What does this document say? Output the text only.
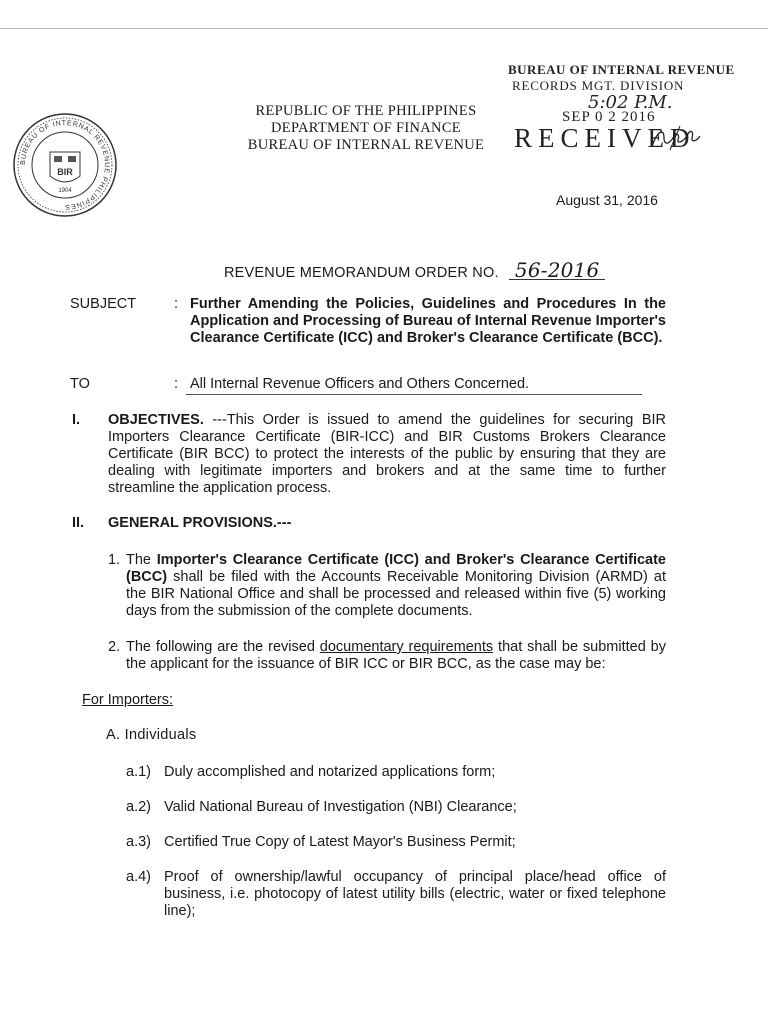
BUREAU OF INTERNAL REVENUE PHILIPPINES
BIR
1904
REPUBLIC OF THE PHILIPPINES
DEPARTMENT OF FINANCE
BUREAU OF INTERNAL REVENUE
BUREAU OF INTERNAL REVENUE
RECORDS MGT. DIVISION
5:02 P.M.
SEP 0 2 2016
RECEIVED
August 31, 2016
REVENUE MEMORANDUM ORDER NO. 56-2016
SUBJECT	: Further Amending the Policies, Guidelines and Procedures In the Application and Processing of Bureau of Internal Revenue Importer's Clearance Certificate (ICC) and Broker's Clearance Certificate (BCC).
TO	: All Internal Revenue Officers and Others Concerned.
I. OBJECTIVES. ---This Order is issued to amend the guidelines for securing BIR Importers Clearance Certificate (BIR-ICC) and BIR Customs Brokers Clearance Certificate (BIR BCC) to protect the interests of the public by ensuring that they are dealing with legitimate importers and brokers and at the same time to further streamline the application process.
II. GENERAL PROVISIONS.---
1. The Importer's Clearance Certificate (ICC) and Broker's Clearance Certificate (BCC) shall be filed with the Accounts Receivable Monitoring Division (ARMD) at the BIR National Office and shall be processed and released within five (5) working days from the submission of the complete documents.
2. The following are the revised documentary requirements that shall be submitted by the applicant for the issuance of BIR ICC or BIR BCC, as the case may be:
For Importers:
A. Individuals
a.1) Duly accomplished and notarized applications form;
a.2) Valid National Bureau of Investigation (NBI) Clearance;
a.3) Certified True Copy of Latest Mayor's Business Permit;
a.4) Proof of ownership/lawful occupancy of principal place/head office of business, i.e. photocopy of latest utility bills (electric, water or fixed telephone line);
